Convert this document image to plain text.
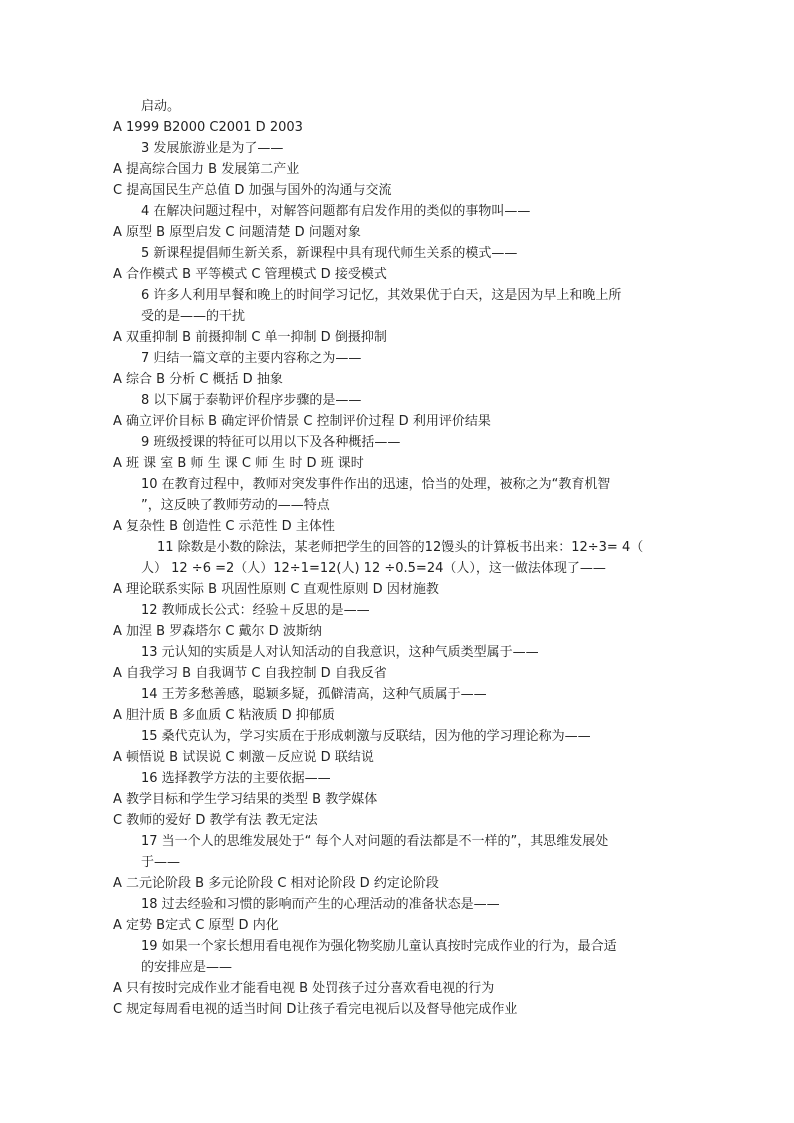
启动。
A 1999 B2000 C2001 D 2003
3 发展旅游业是为了——
A 提高综合国力 B 发展第二产业
C 提高国民生产总值 D 加强与国外的沟通与交流
4 在解决问题过程中，对解答问题都有启发作用的类似的事物叫——
A 原型 B 原型启发 C 问题清楚 D 问题对象
5 新课程提倡师生新关系，新课程中具有现代师生关系的模式——
A 合作模式 B 平等模式 C 管理模式 D 接受模式
6 许多人利用早餐和晚上的时间学习记忆，其效果优于白天，这是因为早上和晚上所
受的是——的干扰
A 双重抑制 B 前摄抑制 C 单一抑制 D 倒摄抑制
7 归结一篇文章的主要内容称之为——
A 综合 B 分析 C 概括 D 抽象
8 以下属于泰勒评价程序步骤的是——
A 确立评价目标 B 确定评价情景 C 控制评价过程 D 利用评价结果
9 班级授课的特征可以用以下及各种概括——
A 班 课 室 B 师 生 课 C 师 生 时 D 班 课时
10 在教育过程中，教师对突发事件作出的迅速，恰当的处理，被称之为“教育机智
”，这反映了教师劳动的——特点
A 复杂性 B 创造性 C 示范性 D 主体性
11 除数是小数的除法，某老师把学生的回答的12馒头的计算板书出来：12÷3= 4（
人） 12 ÷6 =2（人）12÷1=12(人) 12 ÷0.5=24（人），这一做法体现了——
A 理论联系实际 B 巩固性原则 C 直观性原则 D 因材施教
12 教师成长公式：经验＋反思的是——
A 加涅 B 罗森塔尔 C 戴尔 D 波斯纳
13 元认知的实质是人对认知活动的自我意识，这种气质类型属于——
A 自我学习 B 自我调节 C 自我控制 D 自我反省
14 王芳多愁善感，聪颖多疑，孤僻清高，这种气质属于——
A 胆汁质 B 多血质 C 粘液质 D 抑郁质
15 桑代克认为，学习实质在于形成刺激与反联结，因为他的学习理论称为——
A 顿悟说 B 试误说 C 刺激－反应说 D 联结说
16 选择教学方法的主要依据——
A 教学目标和学生学习结果的类型 B 教学媒体
C 教师的爱好 D 教学有法 教无定法
17 当一个人的思维发展处于“ 每个人对问题的看法都是不一样的”，其思维发展处
于——
A 二元论阶段 B 多元论阶段 C 相对论阶段 D 约定论阶段
18 过去经验和习惯的影响而产生的心理活动的准备状态是——
A 定势 B定式 C 原型 D 内化
19 如果一个家长想用看电视作为强化物奖励儿童认真按时完成作业的行为，最合适
的安排应是——
A 只有按时完成作业才能看电视 B 处罚孩子过分喜欢看电视的行为
C 规定每周看电视的适当时间 D让孩子看完电视后以及督导他完成作业
